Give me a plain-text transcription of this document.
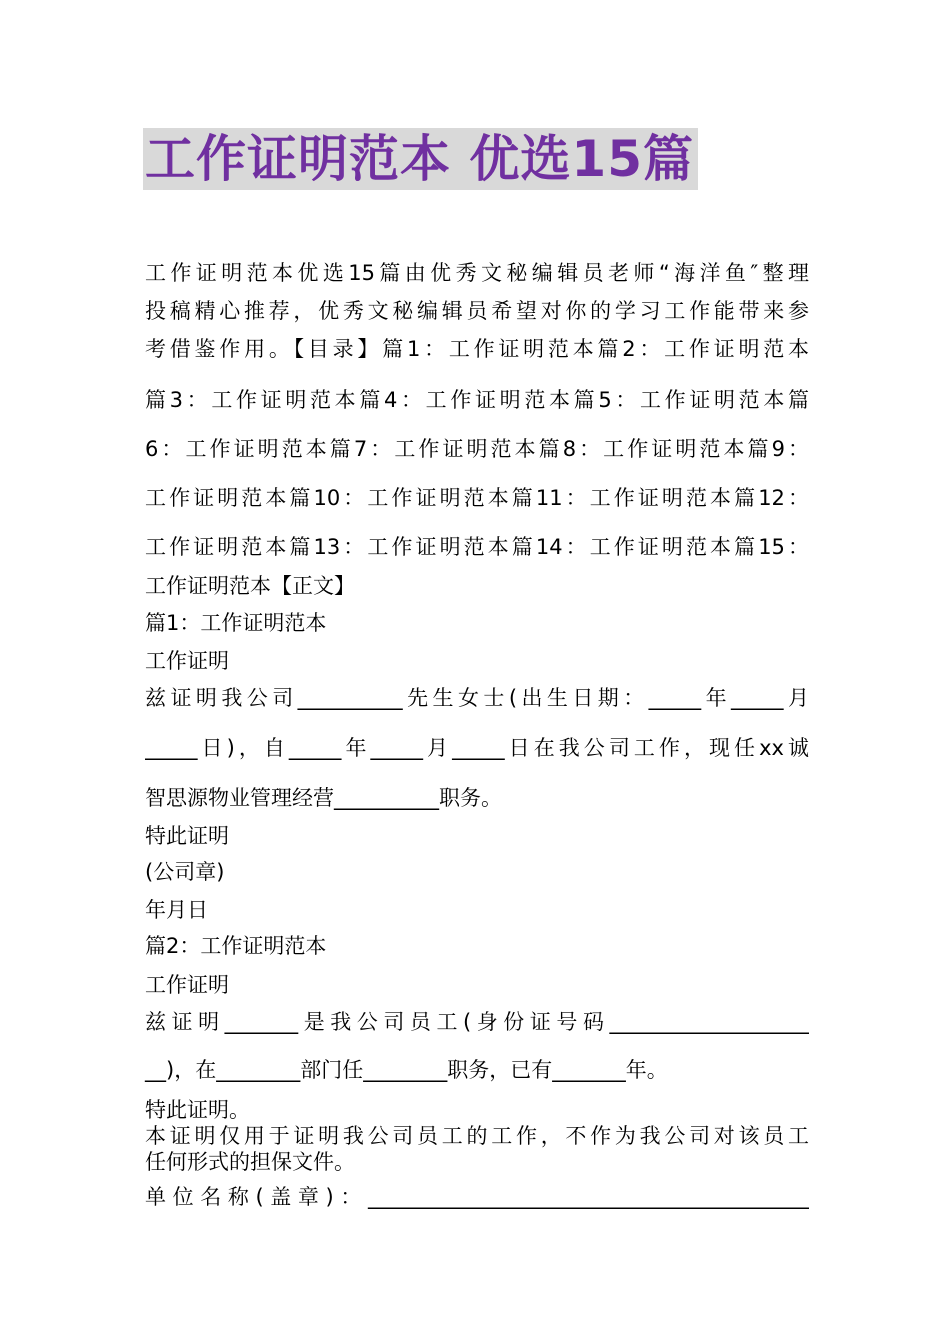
工作证明范本 优选15篇

工作证明范本优选15篇由优秀文秘编辑员老师“海洋鱼″整理

投稿精心推荐，优秀文秘编辑员希望对你的学习工作能带来参

考借鉴作用。【目录】篇1：工作证明范本篇2：工作证明范本

篇3：工作证明范本篇4：工作证明范本篇5：工作证明范本篇

6：工作证明范本篇7：工作证明范本篇8：工作证明范本篇9：

工作证明范本篇10：工作证明范本篇11：工作证明范本篇12：

工作证明范本篇13：工作证明范本篇14：工作证明范本篇15：

工作证明范本【正文】

篇1：工作证明范本

工作证明

兹证明我公司__________先生女士(出生日期：_____年_____月

_____日)，自_____年_____月_____日在我公司工作，现任xx诚

智思源物业管理经营__________职务。

特此证明

(公司章)

年月日

篇2：工作证明范本

工作证明

兹证明_______是我公司员工(身份证号码___________________

__)，在________部门任________职务，已有_______年。

特此证明。

本证明仅用于证明我公司员工的工作，不作为我公司对该员工

任何形式的担保文件。

单位名称(盖章)：__________________________________________
